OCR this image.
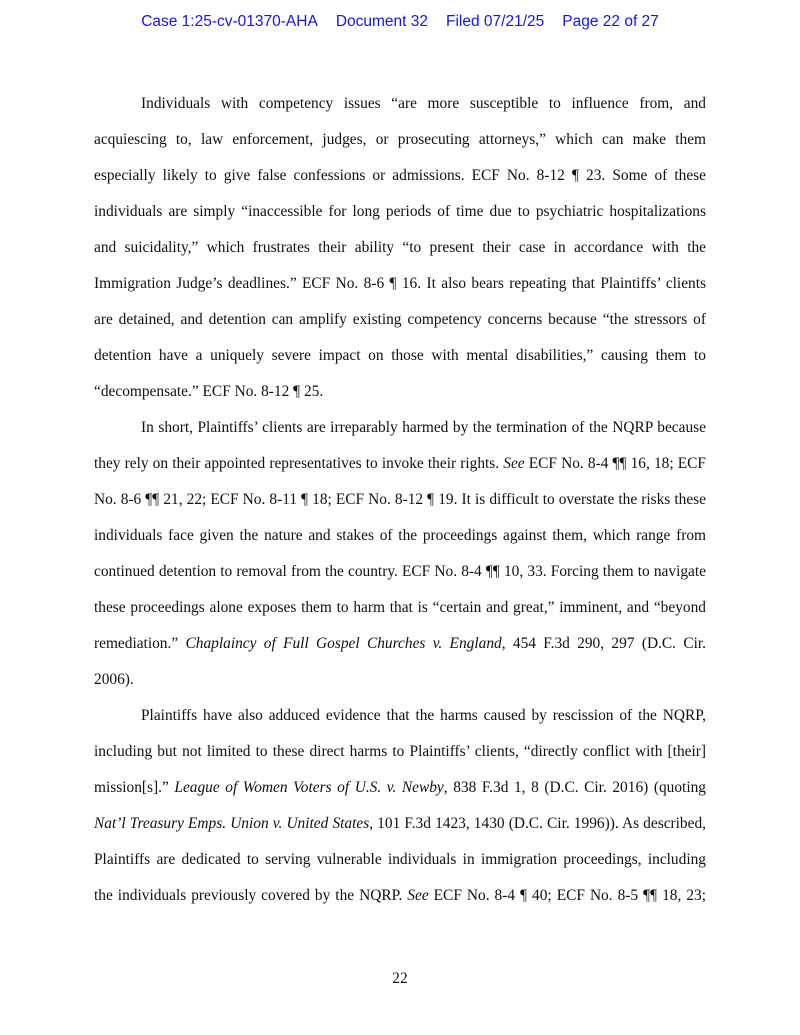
Case 1:25-cv-01370-AHA Document 32 Filed 07/21/25 Page 22 of 27
Individuals with competency issues “are more susceptible to influence from, and
acquiescing to, law enforcement, judges, or prosecuting attorneys,” which can make them
especially likely to give false confessions or admissions. ECF No. 8-12 ¶ 23. Some of these
individuals are simply “inaccessible for long periods of time due to psychiatric hospitalizations
and suicidality,” which frustrates their ability “to present their case in accordance with the
Immigration Judge’s deadlines.” ECF No. 8-6 ¶ 16. It also bears repeating that Plaintiffs’ clients
are detained, and detention can amplify existing competency concerns because “the stressors of
detention have a uniquely severe impact on those with mental disabilities,” causing them to
“decompensate.” ECF No. 8-12 ¶ 25.
In short, Plaintiffs’ clients are irreparably harmed by the termination of the NQRP because
they rely on their appointed representatives to invoke their rights. See ECF No. 8-4 ¶¶ 16, 18; ECF
No. 8-6 ¶¶ 21, 22; ECF No. 8-11 ¶ 18; ECF No. 8-12 ¶ 19. It is difficult to overstate the risks these
individuals face given the nature and stakes of the proceedings against them, which range from
continued detention to removal from the country. ECF No. 8-4 ¶¶ 10, 33. Forcing them to navigate
these proceedings alone exposes them to harm that is “certain and great,” imminent, and “beyond
remediation.” Chaplaincy of Full Gospel Churches v. England, 454 F.3d 290, 297 (D.C. Cir.
2006).
Plaintiffs have also adduced evidence that the harms caused by rescission of the NQRP,
including but not limited to these direct harms to Plaintiffs’ clients, “directly conflict with [their]
mission[s].” League of Women Voters of U.S. v. Newby, 838 F.3d 1, 8 (D.C. Cir. 2016) (quoting
Nat’l Treasury Emps. Union v. United States, 101 F.3d 1423, 1430 (D.C. Cir. 1996)). As described,
Plaintiffs are dedicated to serving vulnerable individuals in immigration proceedings, including
the individuals previously covered by the NQRP. See ECF No. 8-4 ¶ 40; ECF No. 8-5 ¶¶ 18, 23;
22
